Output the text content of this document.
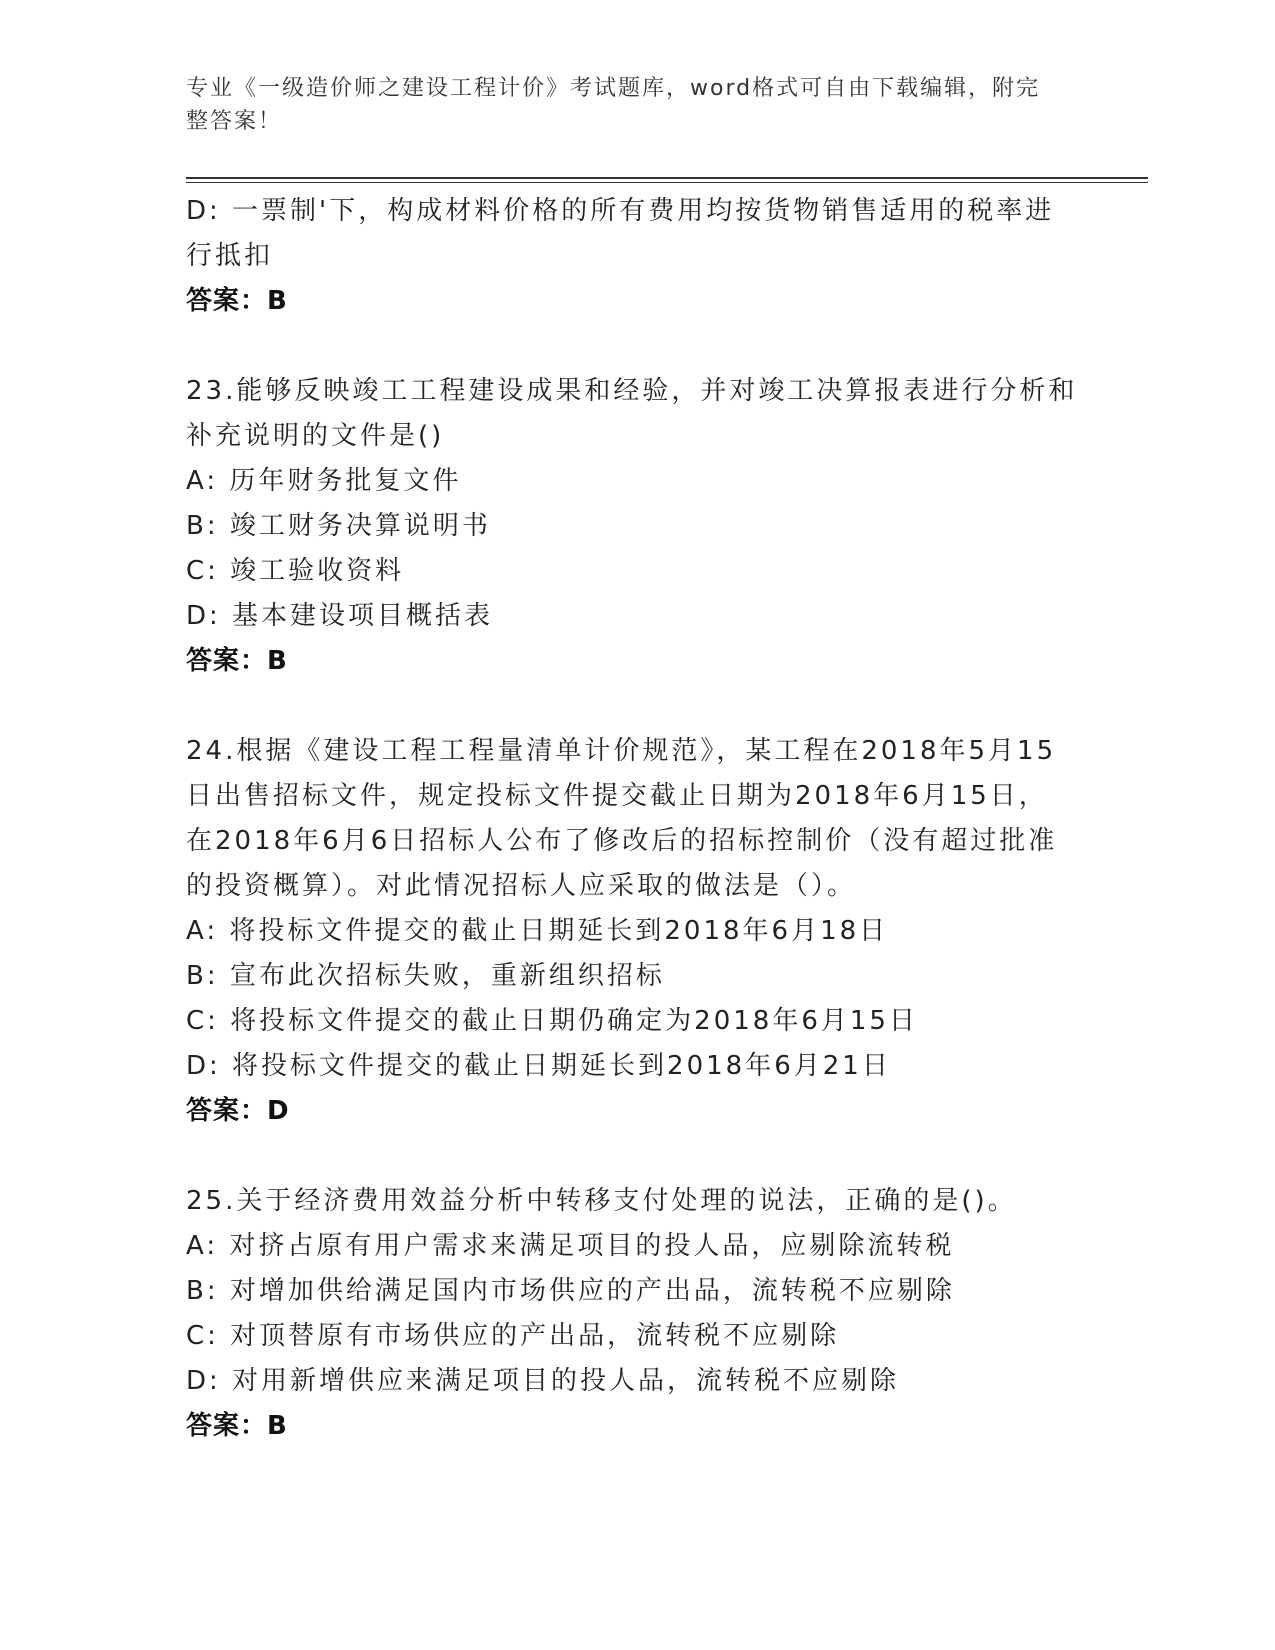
专业《一级造价师之建设工程计价》考试题库，word格式可自由下载编辑，附完
整答案！
D: 一票制'下，构成材料价格的所有费用均按货物销售适用的税率进
行抵扣
答案：B
23.能够反映竣工工程建设成果和经验，并对竣工决算报表进行分析和
补充说明的文件是()
A: 历年财务批复文件
B: 竣工财务决算说明书
C: 竣工验收资料
D: 基本建设项目概括表
答案：B
24.根据《建设工程工程量清单计价规范》，某工程在2018年5月15
日出售招标文件，规定投标文件提交截止日期为2018年6月15日，
在2018年6月6日招标人公布了修改后的招标控制价（没有超过批准
的投资概算）。对此情况招标人应采取的做法是（）。
A: 将投标文件提交的截止日期延长到2018年6月18日
B: 宣布此次招标失败，重新组织招标
C: 将投标文件提交的截止日期仍确定为2018年6月15日
D: 将投标文件提交的截止日期延长到2018年6月21日
答案：D
25.关于经济费用效益分析中转移支付处理的说法，正确的是()。
A: 对挤占原有用户需求来满足项目的投人品，应剔除流转税
B: 对增加供给满足国内市场供应的产出品，流转税不应剔除
C: 对顶替原有市场供应的产出品，流转税不应剔除
D: 对用新增供应来满足项目的投人品，流转税不应剔除
答案：B
